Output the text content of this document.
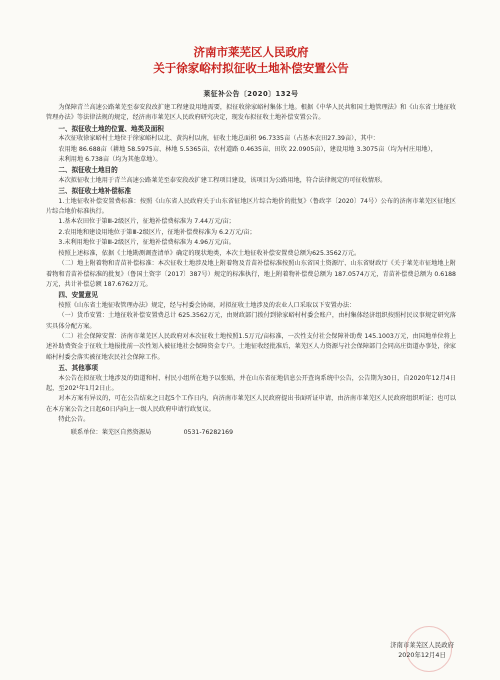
济南市莱芜区人民政府
关于徐家峪村拟征收土地补偿安置公告
莱征补公告〔2020〕132号

为保障青兰高速公路莱芜至泰安段改扩建工程建设用地需要，拟征收徐家峪村集体土地。根据《中华人民共和国土地管理法》和《山东省土地征收管理办法》等法律法规的规定，经济南市莱芜区人民政府研究决定，现发布拟征收土地补偿安置公告。

一、拟征收土地的位置、地类及面积

本次征收徐家峪村土地位于徐家峪村以北、黄沟村以南，征收土地总面积 96.7335亩（占基本农田27.39亩），其中：

农用地 86.688亩（耕地 58.5975亩、林地 5.5365亩、农村道路 0.4635亩、田坎 22.0905亩），建设用地 3.3075亩（均为村庄用地），

未利用地 6.738亩（均为其他草地）。

二、拟征收土地目的

本次拟征收土地用于青兰高速公路莱芜至泰安段改扩建工程项目建设，该项目为公路用地，符合法律规定的可征收情形。

三、拟征收土地补偿标准

1.土地征收补偿安置费标准：按照《山东省人民政府关于山东省征地区片综合地价的批复》（鲁政字〔2020〕74号）公布的济南市莱芜区征地区片综合地价标准执行。

1.基本农田位于第Ⅲ-2级区片，征地补偿费标准为 7.44万元/亩；

2.农用地和建设用地位于第Ⅲ-2级区片，征地补偿费标准为 6.2万元/亩；

3.未利用地位于第Ⅲ-2级区片，征地补偿费标准为 4.96万元/亩。

按照上述标准，依据《土地勘测调查清单》确定的现状地类，本次土地征收补偿安置费总额为625.3562万元。

（二）地上附着物和青苗补偿标准：本次征收土地涉及地上附着物及青苗补偿标准按照山东省国土资源厅、山东省财政厅《关于莱芜市征地地上附着物和青苗补偿标准的批复》（鲁国土资字〔2017〕387号）规定的标准执行，地上附着物补偿费总额为 187.0574万元，青苗补偿费总额为 0.6188万元，共计补偿总额 187.6762万元。

四、安置意见

按照《山东省土地征收管理办法》规定，经与村委会协商，对拟征收土地涉及的农业人口采取以下安置办法：

（一）货币安置：土地征收补偿安置费总计 625.3562万元，由财政部门拨付到徐家峪村村委会账户，由村集体经济组织按照村民议事规定研究落实具体分配方案。

（二）社会保障安置：济南市莱芜区人民政府对本次征收土地按照1.5万元/亩标准，一次性支付社会保障补助费 145.1003万元，由国地单位将上述补助费资金于征收土地报批前一次性划入被征地社会保障资金专户。土地征收经批准后，莱芜区人力资源与社会保障部门会同高庄街道办事处，徐家峪村村委会落实被征地农民社会保障工作。

五、其他事项

本公告在拟征收土地涉及的街道和村、村民小组所在地予以张贴，并在山东省征地信息公开查询系统中公告，公告期为30日，自2020年12月4日起，至202¹年1月2日止。

对本方案有异议的，可在公告结束之日起5个工作日内，向济南市莱芜区人民政府提出书面听证申请，由济南市莱芜区人民政府组织听证；也可以在本方案公告之日起60日内向上一级人民政府申请行政复议。

特此公告。

联系单位：莱芜区自然资源局	0531-76282169

济南市莱芜区人民政府
2020年12月4日
